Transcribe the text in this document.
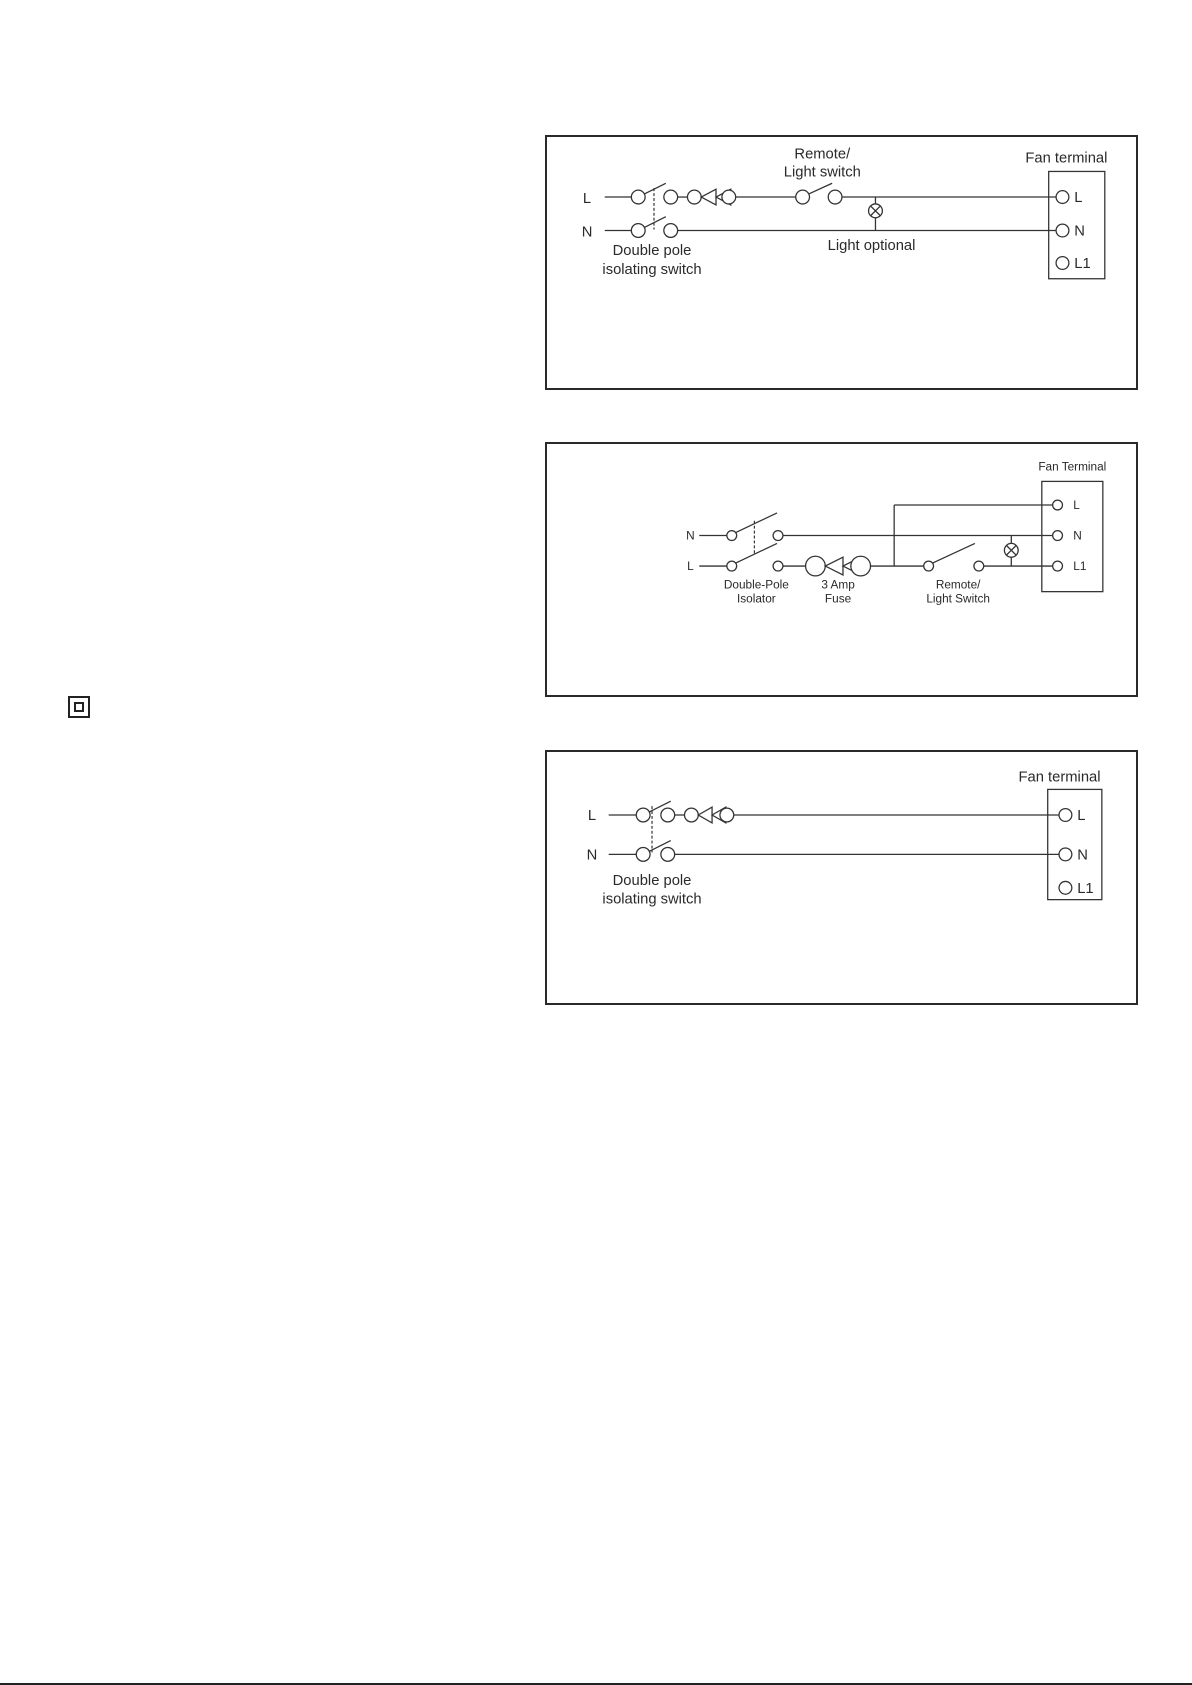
Remote/
Light switch
Fan terminal
L
N
Light optional
Double pole
isolating switch
L
N
L1
Fan Terminal
L
N
L1
N
L
Double-Pole
Isolator
3 Amp
Fuse
Remote/
Light Switch
Fan terminal
L
N
Double pole
isolating switch
L
N
L1
